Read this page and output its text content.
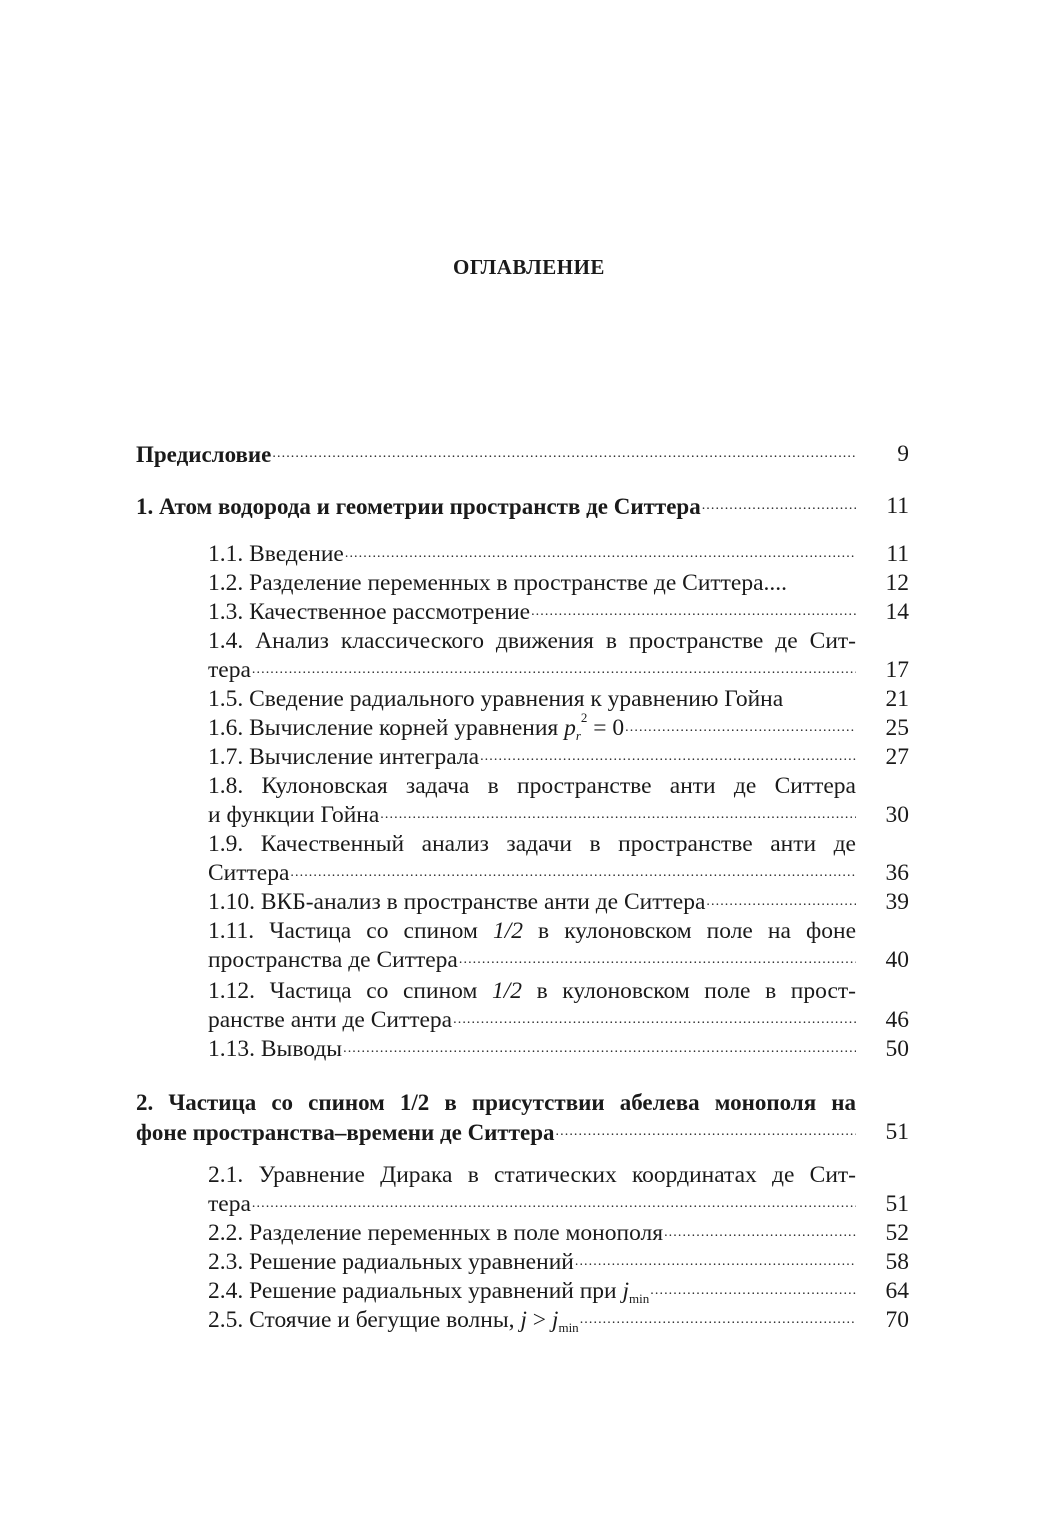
ОГЛАВЛЕНИЕ
Предисловие .....	9
1. Атом водорода и геометрии пространств де Ситтера .....	11
1.1. Введение .....	11
1.2. Разделение переменных в пространстве де Ситтера....	12
1.3. Качественное рассмотрение .....	14
1.4. Анализ классического движения в пространстве де Сит-
тера .....	17
1.5. Сведение радиального уравнения к уравнению Гойна	21
1.6. Вычисление корней уравнения $p_r^2 = 0$ .....	25
1.7. Вычисление интеграла .....	27
1.8. Кулоновская задача в пространстве анти де Ситтера
и функции Гойна .....	30
1.9. Качественный анализ задачи в пространстве анти де
Ситтера .....	36
1.10. ВКБ-анализ в пространстве анти де Ситтера .....	39
1.11. Частица со спином 1/2 в кулоновском поле на фоне
пространства де Ситтера .....	40
1.12. Частица со спином 1/2 в кулоновском поле в прост-
ранстве анти де Ситтера .....	46
1.13. Выводы .....	50
2. Частица со спином 1/2 в присутствии абелева монополя на
фоне пространства–времени де Ситтера .....	51
2.1. Уравнение Дирака в статических координатах де Сит-
тера .....	51
2.2. Разделение переменных в поле монополя .....	52
2.3. Решение радиальных уравнений .....	58
2.4. Решение радиальных уравнений при $j_{min}$ .....	64
2.5. Стоячие и бегущие волны, $j > j_{min}$ .....	70
